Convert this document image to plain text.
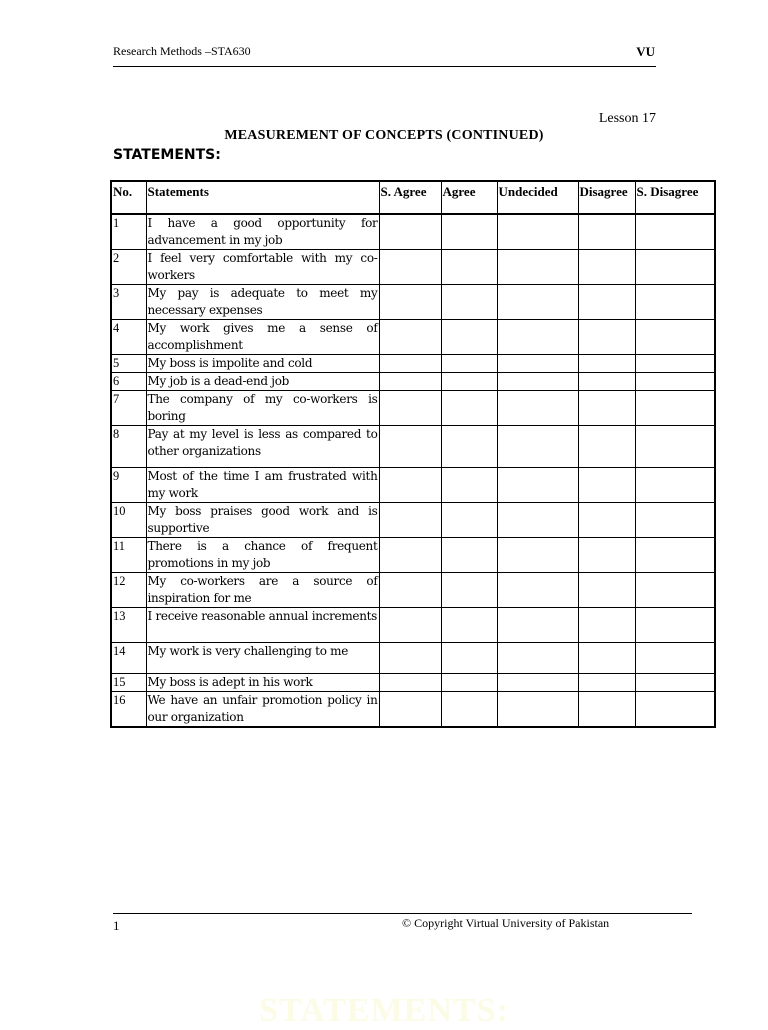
Research Methods –STA630	VU
Lesson 17
MEASUREMENT OF CONCEPTS (CONTINUED)
STATEMENTS:
No.	Statements	S. Agree	Agree	Undecided	Disagree	S. Disagree
1	I have a good opportunity for advancement in my job					
2	I feel very comfortable with my co-workers					
3	My pay is adequate to meet my necessary expenses					
4	My work gives me a sense of accomplishment					
5	My boss is impolite and cold					
6	My job is a dead-end job					
7	The company of my co-workers is boring					
8	Pay at my level is less as compared to other organizations					
9	Most of the time I am frustrated with my work					
10	My boss praises good work and is supportive					
11	There is a chance of frequent promotions in my job					
12	My co-workers are a source of inspiration for me					
13	I receive reasonable annual increments					
14	My work is very challenging to me					
15	My boss is adept in his work					
16	We have an unfair promotion policy in our organization					
1	© Copyright Virtual University of Pakistan
STATEMENTS:
